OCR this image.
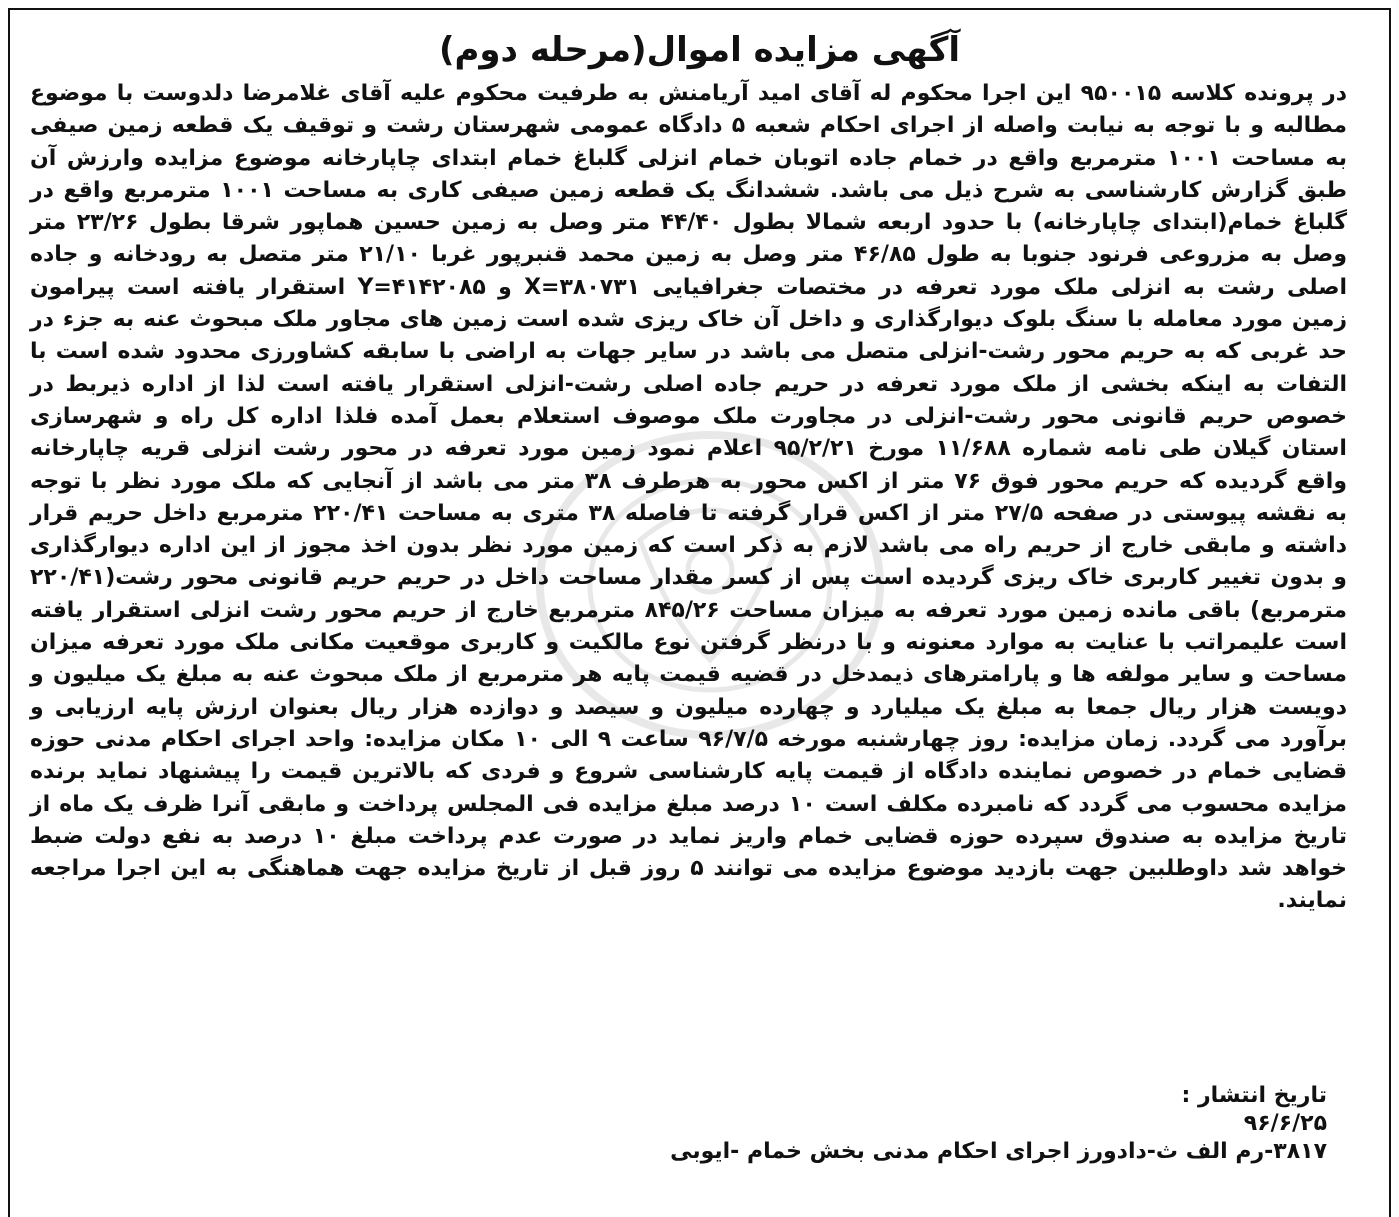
آگهی مزایده اموال(مرحله دوم)
در پرونده کلاسه ۹۵۰۰۱۵ این اجرا محکوم له آقای امید آریامنش به طرفیت محکوم علیه آقای غلامرضا دلدوست با موضوع مطالبه و با توجه به نیابت واصله از اجرای احکام شعبه ۵ دادگاه عمومی شهرستان رشت و توقیف یک قطعه زمین صیفی به مساحت ۱۰۰۱ مترمربع واقع در خمام جاده اتوبان خمام انزلی گلباغ خمام ابتدای چاپارخانه موضوع مزایده وارزش آن طبق گزارش کارشناسی به شرح ذیل می باشد. ششدانگ یک قطعه زمین صیفی کاری به مساحت ۱۰۰۱ مترمربع واقع در گلباغ خمام(ابتدای چاپارخانه) با حدود اربعه شمالا بطول ۴۴/۴۰ متر وصل به زمین حسین هماپور شرقا بطول ۲۳/۲۶ متر وصل به مزروعی فرنود جنوبا به طول ۴۶/۸۵ متر وصل به زمین محمد قنبرپور غربا ۲۱/۱۰ متر متصل به رودخانه و جاده اصلی رشت به انزلی ملک مورد تعرفه در مختصات جغرافیایی X=۳۸۰۷۳۱ و Y=۴۱۴۲۰۸۵ استقرار یافته است پیرامون زمین مورد معامله با سنگ بلوک دیوارگذاری و داخل آن خاک ریزی شده است زمین های مجاور ملک مبحوث عنه به جزء در حد غربی که به حریم محور رشت-انزلی متصل می باشد در سایر جهات به اراضی با سابقه کشاورزی محدود شده است با التفات به اینکه بخشی از ملک مورد تعرفه در حریم جاده اصلی رشت-انزلی استقرار یافته است لذا از اداره ذیربط در خصوص حریم قانونی محور رشت-انزلی در مجاورت ملک موصوف استعلام بعمل آمده فلذا اداره کل راه و شهرسازی استان گیلان طی نامه شماره ۱۱/۶۸۸ مورخ ۹۵/۲/۲۱ اعلام نمود زمین مورد تعرفه در محور رشت انزلی قریه چاپارخانه واقع گردیده که حریم محور فوق ۷۶ متر از اکس محور به هرطرف ۳۸ متر می باشد از آنجایی که ملک مورد نظر با توجه به نقشه پیوستی در صفحه ۲۷/۵ متر از اکس قرار گرفته تا فاصله ۳۸ متری به مساحت ۲۲۰/۴۱ مترمربع داخل حریم قرار داشته و مابقی خارج از حریم راه می باشد لازم به ذکر است که زمین مورد نظر بدون اخذ مجوز از این اداره دیوارگذاری و بدون تغییر کاربری خاک ریزی گردیده است پس از کسر مقدار مساحت داخل در حریم حریم قانونی محور رشت(۲۲۰/۴۱ مترمربع) باقی مانده زمین مورد تعرفه به میزان مساحت ۸۴۵/۲۶ مترمربع خارج از حریم محور رشت انزلی استقرار یافته است علیمراتب با عنایت به موارد معنونه و با درنظر گرفتن نوع مالکیت و کاربری موقعیت مکانی ملک مورد تعرفه میزان مساحت و سایر مولفه ها و پارامترهای ذیمدخل در قضیه قیمت پایه هر مترمربع از ملک مبحوث عنه به مبلغ یک میلیون و دویست هزار ریال جمعا به مبلغ یک میلیارد و چهارده میلیون و سیصد و دوازده هزار ریال بعنوان ارزش پایه ارزیابی و برآورد می گردد. زمان مزایده: روز چهارشنبه مورخه ۹۶/۷/۵ ساعت ۹ الی ۱۰ مکان مزایده: واحد اجرای احکام مدنی حوزه قضایی خمام در خصوص نماینده دادگاه از قیمت پایه کارشناسی شروع و فردی که بالاترین قیمت را پیشنهاد نماید برنده مزایده محسوب می گردد که نامبرده مکلف است ۱۰ درصد مبلغ مزایده فی المجلس پرداخت و مابقی آنرا ظرف یک ماه از تاریخ مزایده به صندوق سپرده حوزه قضایی خمام واریز نماید در صورت عدم پرداخت مبلغ ۱۰ درصد به نفع دولت ضبط خواهد شد داوطلبین جهت بازدید موضوع مزایده می توانند ۵ روز قبل از تاریخ مزایده جهت هماهنگی به این اجرا مراجعه نمایند.
تاریخ انتشار :
۹۶/۶/۲۵
۳۸۱۷-رم الف ث-دادورز اجرای احکام مدنی بخش خمام -ایوبی
